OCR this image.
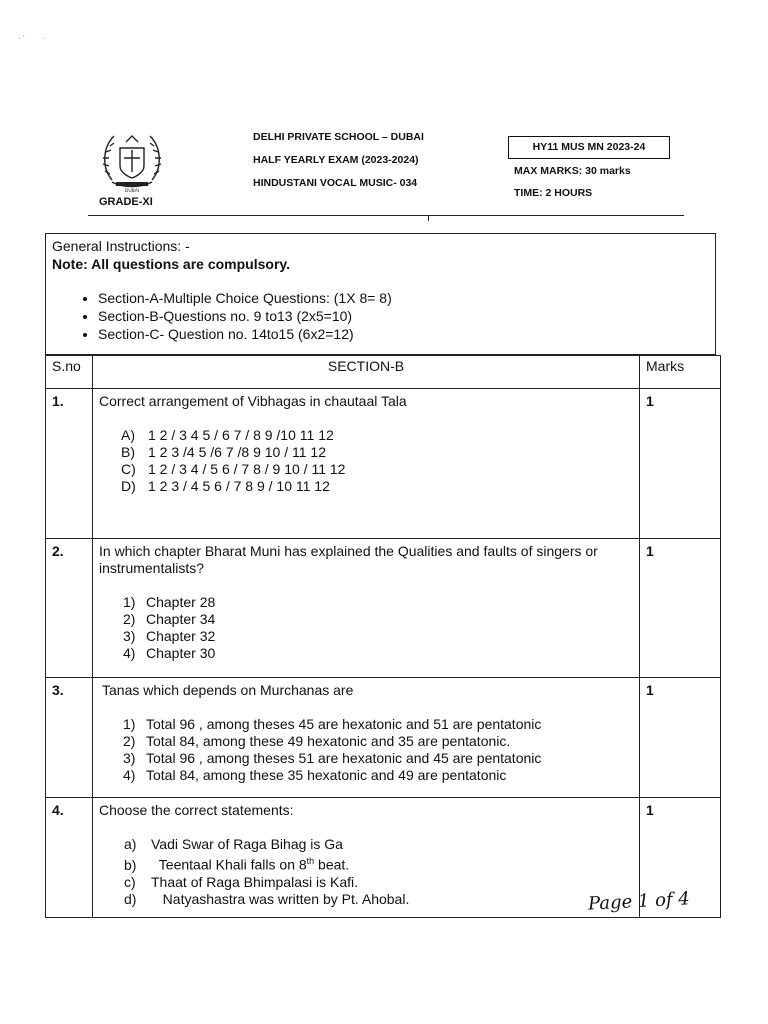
· ’        ·
DUBAI
GRADE-XI
DELHI PRIVATE SCHOOL – DUBAI
HALF YEARLY EXAM (2023-2024)
HINDUSTANI VOCAL MUSIC- 034
HY11 MUS MN 2023-24
MAX MARKS: 30 marks
TIME: 2 HOURS
General Instructions: -
Note: All questions are compulsory.
• Section-A-Multiple Choice Questions: (1X 8= 8)
• Section-B-Questions no. 9 to13 (2x5=10)
• Section-C- Question no. 14to15 (6x2=12)
S.no	SECTION-B	Marks
1.	Correct arrangement of Vibhagas in chautaal Tala
A) 1 2 / 3 4 5 / 6 7 / 8 9 /10 11 12
B) 1 2 3 /4 5 /6 7 /8 9 10 / 11 12
C) 1 2 / 3 4 / 5 6 / 7 8 / 9 10 / 11 12
D) 1 2 3 / 4 5 6 / 7 8 9 / 10 11 12	1
2.	In which chapter Bharat Muni has explained the Qualities and faults of singers or instrumentalists?
1) Chapter 28
2) Chapter 34
3) Chapter 32
4) Chapter 30	1
3.	Tanas which depends on Murchanas are
1) Total 96 , among theses 45 are hexatonic and 51 are pentatonic
2) Total 84, among these 49 hexatonic and 35 are pentatonic.
3) Total 96 , among theses 51 are hexatonic and 45 are pentatonic
4) Total 84, among these 35 hexatonic and 49 are pentatonic	1
4.	Choose the correct statements:
a) Vadi Swar of Raga Bihag is Ga
b) Teentaal Khali falls on 8th beat.
c) Thaat of Raga Bhimpalasi is Kafi.
d) Natyashastra was written by Pt. Ahobal.	1
Page 1 of 4
